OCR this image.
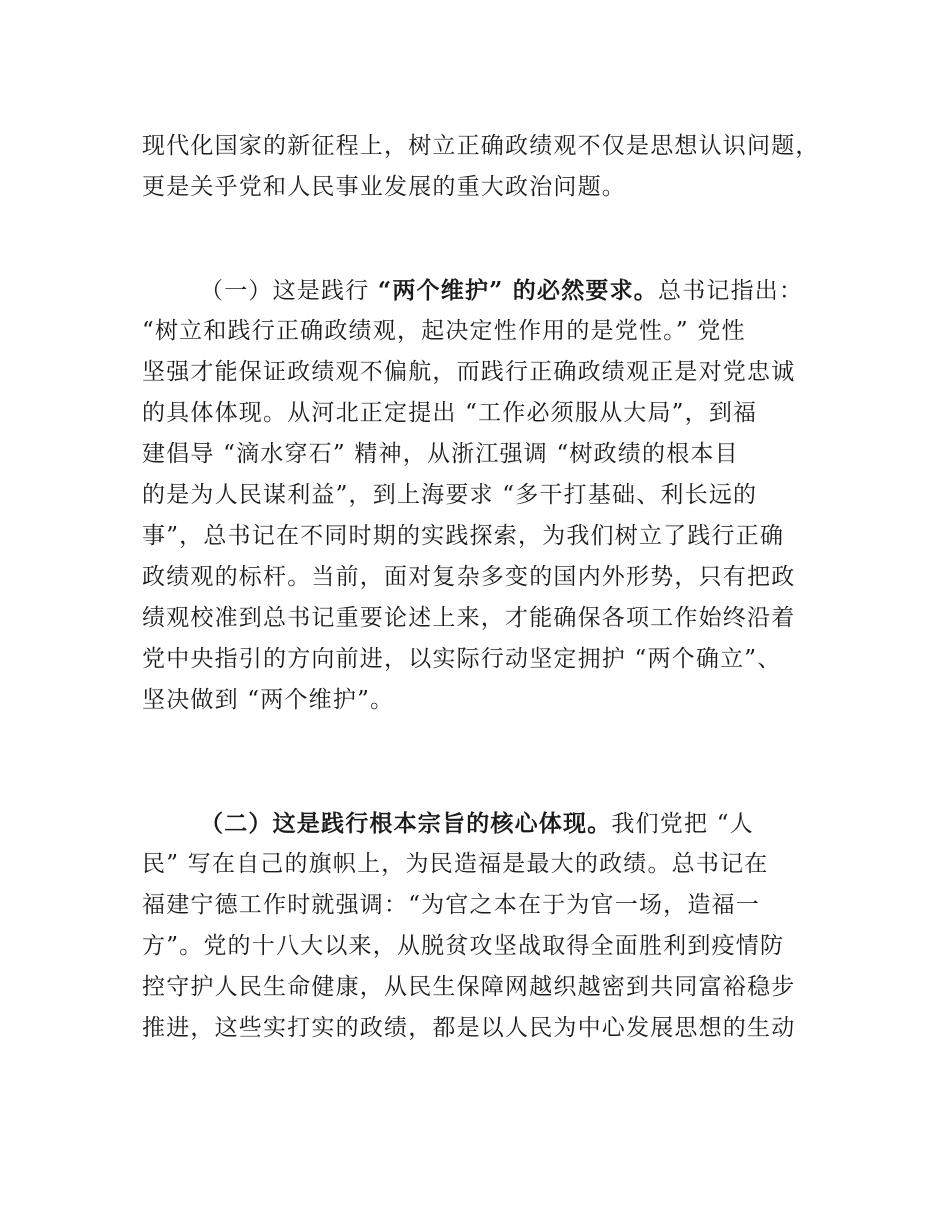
现代化国家的新征程上，树立正确政绩观不仅是思想认识问题，
更是关乎党和人民事业发展的重大政治问题。
（一）这是践行 “两个维护” 的必然要求。总书记指出：
“树立和践行正确政绩观，起决定性作用的是党性。” 党性
坚强才能保证政绩观不偏航，而践行正确政绩观正是对党忠诚
的具体体现。从河北正定提出 “工作必须服从大局”，到福
建倡导 “滴水穿石” 精神，从浙江强调 “树政绩的根本目
的是为人民谋利益”，到上海要求 “多干打基础、利长远的
事”，总书记在不同时期的实践探索，为我们树立了践行正确
政绩观的标杆。当前，面对复杂多变的国内外形势，只有把政
绩观校准到总书记重要论述上来，才能确保各项工作始终沿着
党中央指引的方向前进，以实际行动坚定拥护 “两个确立”、
坚决做到 “两个维护”。
（二）这是践行根本宗旨的核心体现。我们党把 “人
民” 写在自己的旗帜上，为民造福是最大的政绩。总书记在
福建宁德工作时就强调：“为官之本在于为官一场，造福一
方”。党的十八大以来，从脱贫攻坚战取得全面胜利到疫情防
控守护人民生命健康，从民生保障网越织越密到共同富裕稳步
推进，这些实打实的政绩，都是以人民为中心发展思想的生动
